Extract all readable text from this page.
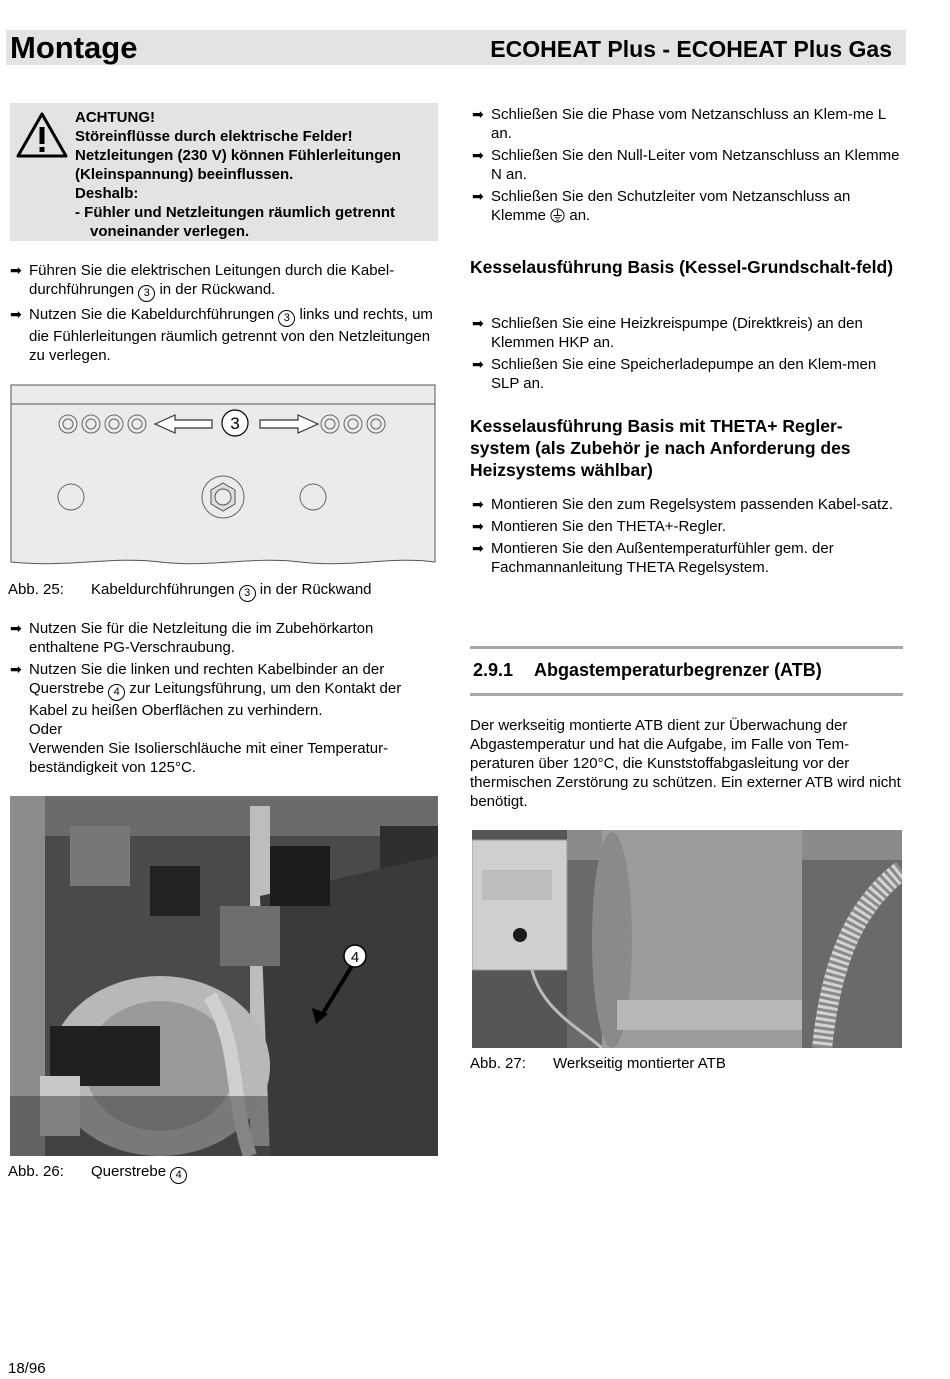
Montage	ECOHEAT Plus - ECOHEAT Plus Gas
ACHTUNG!
Störeinflüsse durch elektrische Felder!
Netzleitungen (230 V) können Fühlerleitungen (Kleinspannung) beeinflussen.
Deshalb:
- Fühler und Netzleitungen räumlich getrennt voneinander verlegen.
➡ Führen Sie die elektrischen Leitungen durch die Kabel-durchführungen 3 in der Rückwand.
➡ Nutzen Sie die Kabeldurchführungen 3 links und rechts, um die Fühlerleitungen räumlich getrennt von den Netzleitungen zu verlegen.
3
Abb. 25: Kabeldurchführungen 3 in der Rückwand
➡ Nutzen Sie für die Netzleitung die im Zubehörkarton enthaltene PG-Verschraubung.
➡ Nutzen Sie die linken und rechten Kabelbinder an der Querstrebe 4 zur Leitungsführung, um den Kontakt der Kabel zu heißen Oberflächen zu verhindern.
Oder
Verwenden Sie Isolierschläuche mit einer Temperatur-beständigkeit von 125°C.
4
Abb. 26: Querstrebe 4
➡ Schließen Sie die Phase vom Netzanschluss an Klem-me L an.
➡ Schließen Sie den Null-Leiter vom Netzanschluss an Klemme N an.
➡ Schließen Sie den Schutzleiter vom Netzanschluss an Klemme an.
Kesselausführung Basis (Kessel-Grundschalt-feld)
➡ Schließen Sie eine Heizkreispumpe (Direktkreis) an den Klemmen HKP an.
➡ Schließen Sie eine Speicherladepumpe an den Klem-men SLP an.
Kesselausführung Basis mit THETA+ Regler-system (als Zubehör je nach Anforderung des Heizsystems wählbar)
➡ Montieren Sie den zum Regelsystem passenden Kabel-satz.
➡ Montieren Sie den THETA+-Regler.
➡ Montieren Sie den Außentemperaturfühler gem. der Fachmannanleitung THETA Regelsystem.
2.9.1 Abgastemperaturbegrenzer (ATB)
Der werkseitig montierte ATB dient zur Überwachung der Abgastemperatur und hat die Aufgabe, im Falle von Tem-peraturen über 120°C, die Kunststoffabgasleitung vor der thermischen Zerstörung zu schützen. Ein externer ATB wird nicht benötigt.
Abb. 27: Werkseitig montierter ATB
18/96
